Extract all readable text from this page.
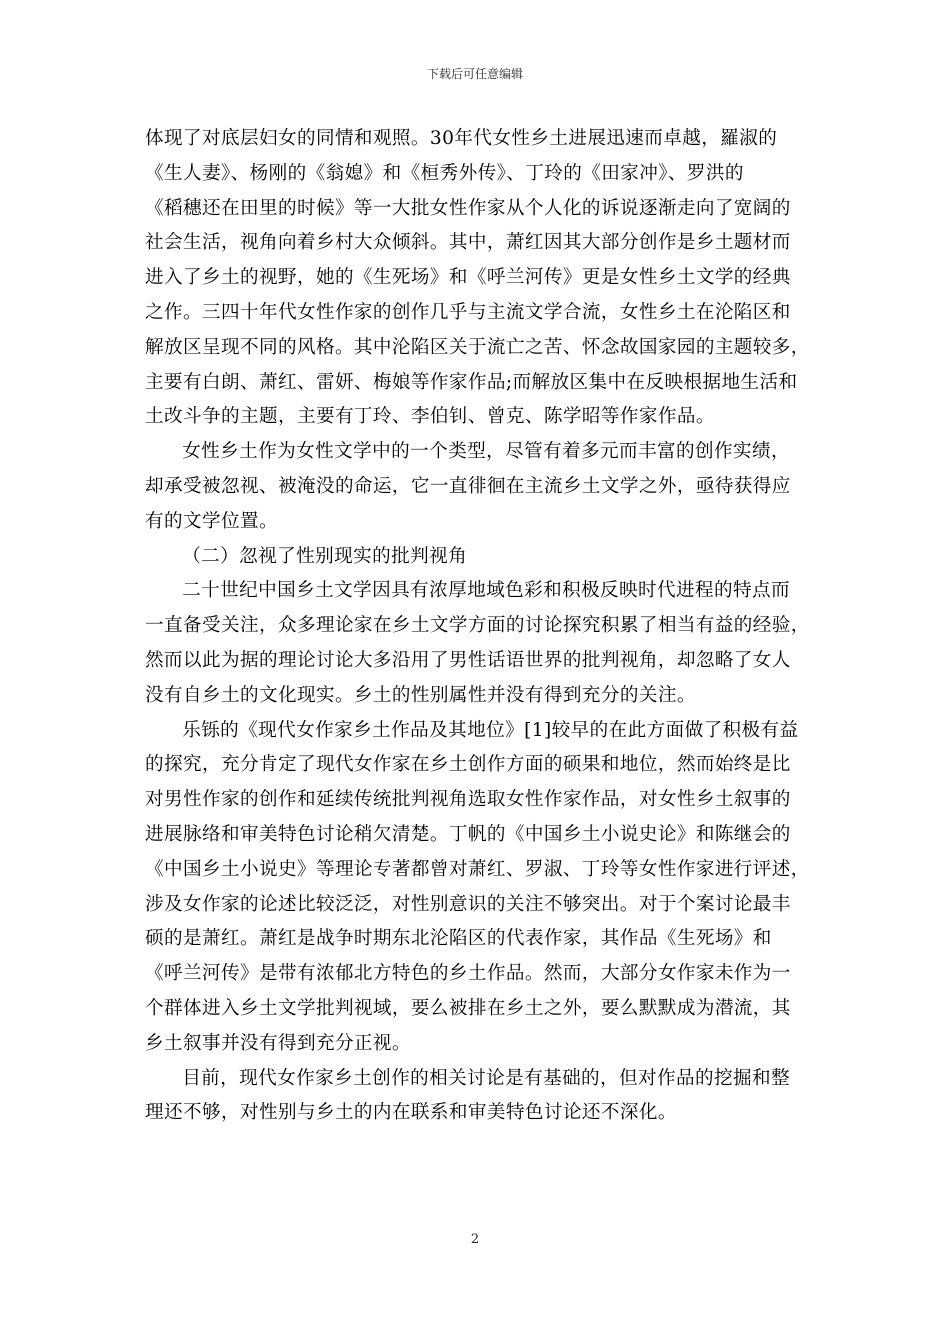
下载后可任意编辑
体现了对底层妇女的同情和观照。30年代女性乡土进展迅速而卓越，羅淑的
《生人妻》、杨刚的《翁媳》和《桓秀外传》、丁玲的《田家冲》、罗洪的
《稻穗还在田里的时候》等一大批女性作家从个人化的诉说逐渐走向了宽阔的
社会生活，视角向着乡村大众倾斜。其中，萧红因其大部分创作是乡土题材而
进入了乡土的视野，她的《生死场》和《呼兰河传》更是女性乡土文学的经典
之作。三四十年代女性作家的创作几乎与主流文学合流，女性乡土在沦陷区和
解放区呈现不同的风格。其中沦陷区关于流亡之苦、怀念故国家园的主题较多，
主要有白朗、萧红、雷妍、梅娘等作家作品;而解放区集中在反映根据地生活和
土改斗争的主题，主要有丁玲、李伯钊、曾克、陈学昭等作家作品。
女性乡土作为女性文学中的一个类型，尽管有着多元而丰富的创作实绩，
却承受被忽视、被淹没的命运，它一直徘徊在主流乡土文学之外，亟待获得应
有的文学位置。
（二）忽视了性别现实的批判视角
二十世纪中国乡土文学因具有浓厚地域色彩和积极反映时代进程的特点而
一直备受关注，众多理论家在乡土文学方面的讨论探究积累了相当有益的经验，
然而以此为据的理论讨论大多沿用了男性话语世界的批判视角，却忽略了女人
没有自乡土的文化现实。乡土的性别属性并没有得到充分的关注。
乐铄的《现代女作家乡土作品及其地位》[1]较早的在此方面做了积极有益
的探究，充分肯定了现代女作家在乡土创作方面的硕果和地位，然而始终是比
对男性作家的创作和延续传统批判视角选取女性作家作品，对女性乡土叙事的
进展脉络和审美特色讨论稍欠清楚。丁帆的《中国乡土小说史论》和陈继会的
《中国乡土小说史》等理论专著都曾对萧红、罗淑、丁玲等女性作家进行评述，
涉及女作家的论述比较泛泛，对性别意识的关注不够突出。对于个案讨论最丰
硕的是萧红。萧红是战争时期东北沦陷区的代表作家，其作品《生死场》和
《呼兰河传》是带有浓郁北方特色的乡土作品。然而，大部分女作家未作为一
个群体进入乡土文学批判视域，要么被排在乡土之外，要么默默成为潜流，其
乡土叙事并没有得到充分正视。
目前，现代女作家乡土创作的相关讨论是有基础的，但对作品的挖掘和整
理还不够，对性别与乡土的内在联系和审美特色讨论还不深化。
2
